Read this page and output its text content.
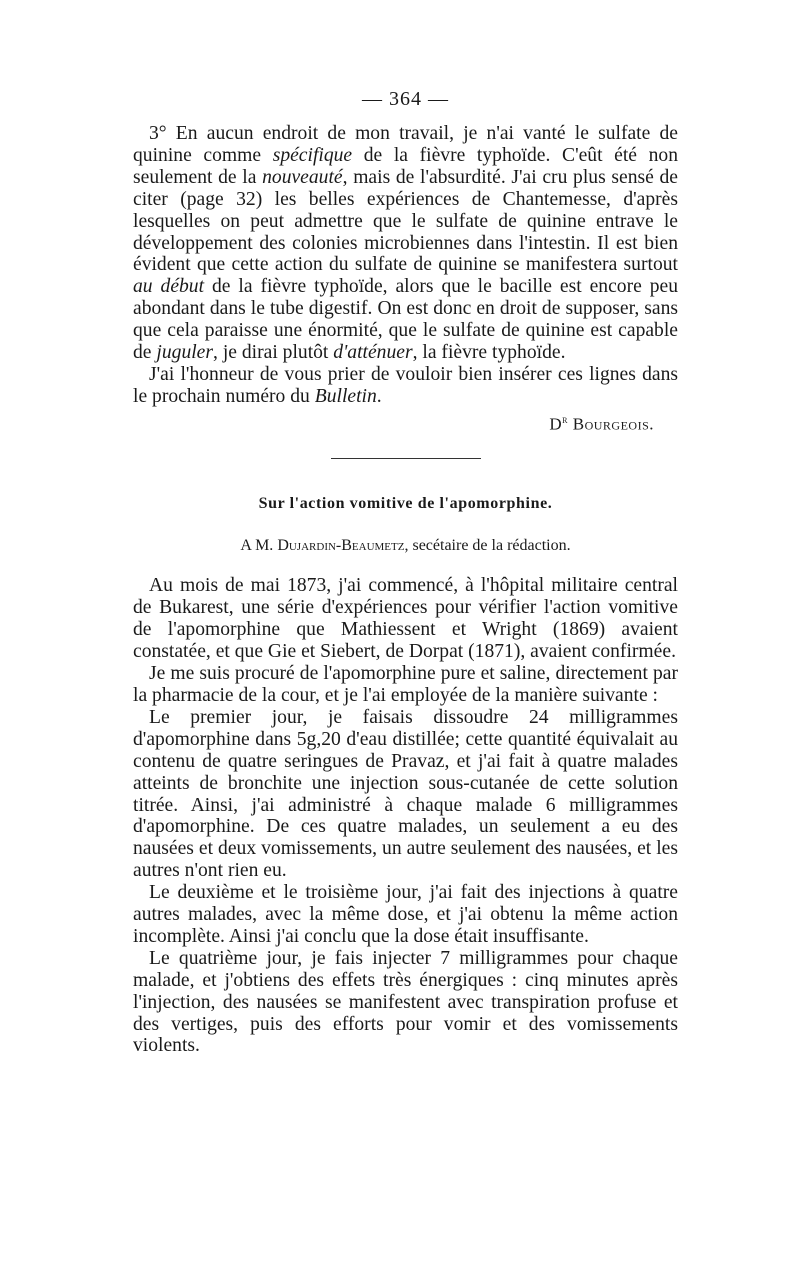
— 364 —

3° En aucun endroit de mon travail, je n'ai vanté le sulfate de quinine comme spécifique de la fièvre typhoïde. C'eût été non seulement de la nouveauté, mais de l'absurdité. J'ai cru plus sensé de citer (page 32) les belles expériences de Chantemesse, d'après lesquelles on peut admettre que le sulfate de quinine entrave le développement des colonies microbiennes dans l'intestin. Il est bien évident que cette action du sulfate de quinine se manifestera surtout au début de la fièvre typhoïde, alors que le bacille est encore peu abondant dans le tube digestif. On est donc en droit de supposer, sans que cela paraisse une énormité, que le sulfate de quinine est capable de juguler, je dirai plutôt d'atténuer, la fièvre typhoïde.

J'ai l'honneur de vous prier de vouloir bien insérer ces lignes dans le prochain numéro du Bulletin.

$D^r$ Bourgeois.
Sur l'action vomitive de l'apomorphine.
A M. Dujardin-Beaumetz, secétaire de la rédaction.

Au mois de mai 1873, j'ai commencé, à l'hôpital militaire central de Bukarest, une série d'expériences pour vérifier l'action vomitive de l'apomorphine que Mathiessent et Wright (1869) avaient constatée, et que Gie et Siebert, de Dorpat (1871), avaient confirmée.

Je me suis procuré de l'apomorphine pure et saline, directement par la pharmacie de la cour, et je l'ai employée de la manière suivante :

Le premier jour, je faisais dissoudre 24 milligrammes d'apomorphine dans 5g,20 d'eau distillée; cette quantité équivalait au contenu de quatre seringues de Pravaz, et j'ai fait à quatre malades atteints de bronchite une injection sous-cutanée de cette solution titrée. Ainsi, j'ai administré à chaque malade 6 milligrammes d'apomorphine. De ces quatre malades, un seulement a eu des nausées et deux vomissements, un autre seulement des nausées, et les autres n'ont rien eu.

Le deuxième et le troisième jour, j'ai fait des injections à quatre autres malades, avec la même dose, et j'ai obtenu la même action incomplète. Ainsi j'ai conclu que la dose était insuffisante.

Le quatrième jour, je fais injecter 7 milligrammes pour chaque malade, et j'obtiens des effets très énergiques : cinq minutes après l'injection, des nausées se manifestent avec transpiration profuse et des vertiges, puis des efforts pour vomir et des vomissements violents.
